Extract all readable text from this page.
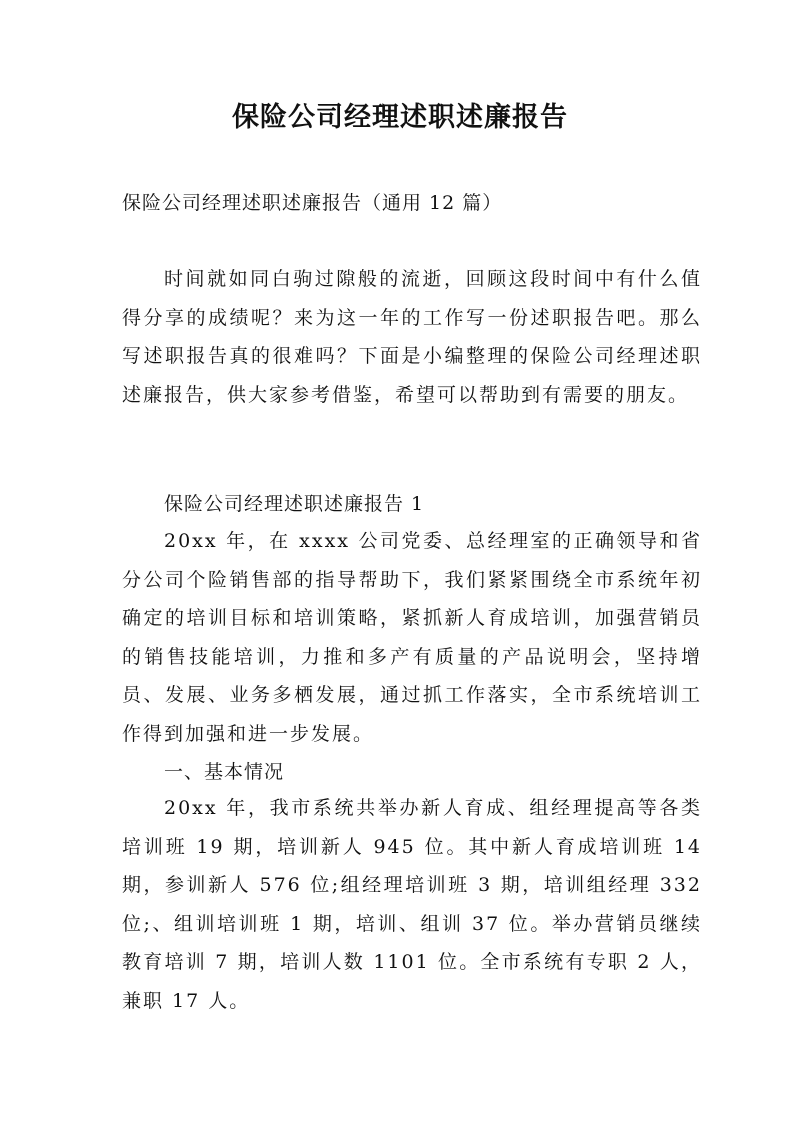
保险公司经理述职述廉报告
保险公司经理述职述廉报告（通用 12 篇）
时间就如同白驹过隙般的流逝，回顾这段时间中有什么值得分享的成绩呢？来为这一年的工作写一份述职报告吧。那么写述职报告真的很难吗？下面是小编整理的保险公司经理述职述廉报告，供大家参考借鉴，希望可以帮助到有需要的朋友。
保险公司经理述职述廉报告 1
20xx 年，在 xxxx 公司党委、总经理室的正确领导和省分公司个险销售部的指导帮助下，我们紧紧围绕全市系统年初确定的培训目标和培训策略，紧抓新人育成培训，加强营销员的销售技能培训，力推和多产有质量的产品说明会，坚持增员、发展、业务多栖发展，通过抓工作落实，全市系统培训工作得到加强和进一步发展。
一、基本情况
20xx 年，我市系统共举办新人育成、组经理提高等各类培训班 19 期，培训新人 945 位。其中新人育成培训班 14 期，参训新人 576 位;组经理培训班 3 期，培训组经理 332 位;、组训培训班 1 期，培训、组训 37 位。举办营销员继续教育培训 7 期，培训人数 1101 位。全市系统有专职 2 人，兼职 17 人。
